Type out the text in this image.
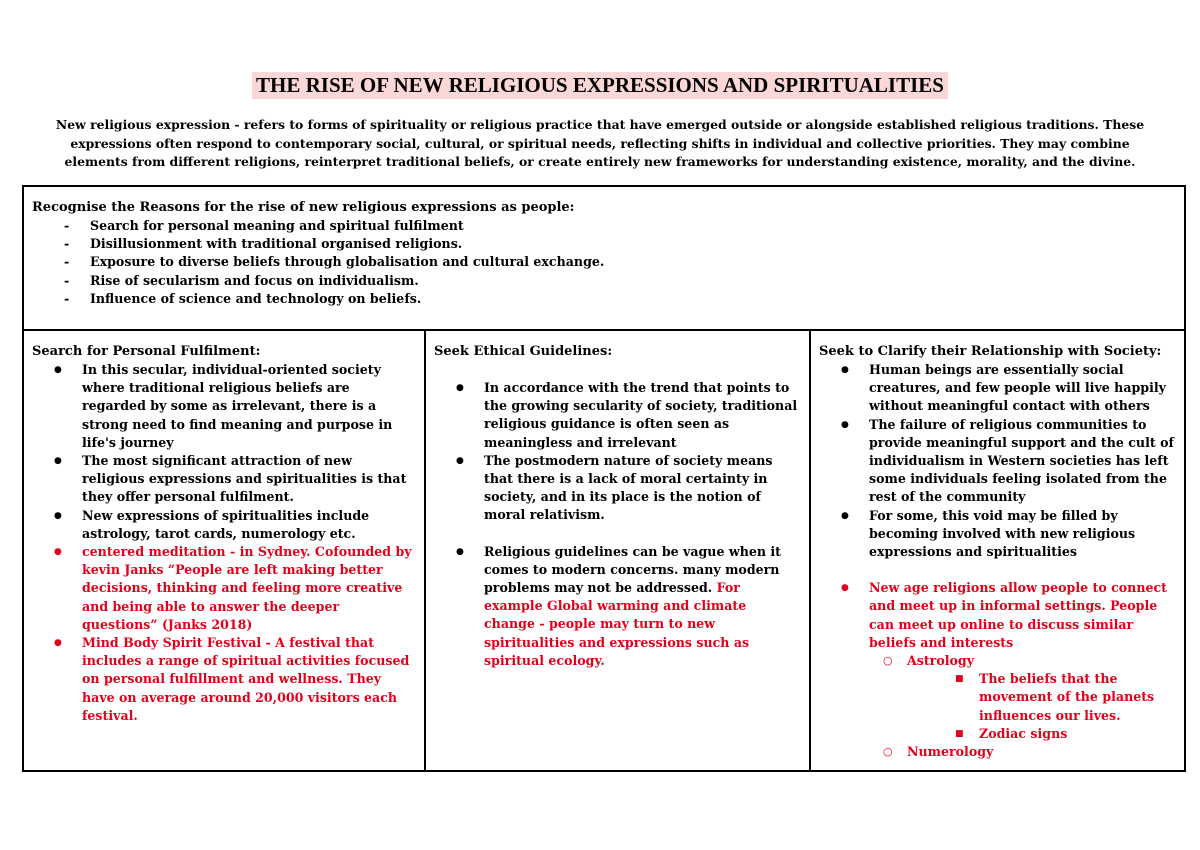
THE RISE OF NEW RELIGIOUS EXPRESSIONS AND SPIRITUALITIES
New religious expression - refers to forms of spirituality or religious practice that have emerged outside or alongside established religious traditions. These expressions often respond to contemporary social, cultural, or spiritual needs, reflecting shifts in individual and collective priorities. They may combine elements from different religions, reinterpret traditional beliefs, or create entirely new frameworks for understanding existence, morality, and the divine.
Recognise the Reasons for the rise of new religious expressions as people:
- Search for personal meaning and spiritual fulfilment
- Disillusionment with traditional organised religions.
- Exposure to diverse beliefs through globalisation and cultural exchange.
- Rise of secularism and focus on individualism.
- Influence of science and technology on beliefs.
Search for Personal Fulfilment:
● In this secular, individual-oriented society where traditional religious beliefs are regarded by some as irrelevant, there is a strong need to find meaning and purpose in life's journey
● The most significant attraction of new religious expressions and spiritualities is that they offer personal fulfilment.
● New expressions of spiritualities include astrology, tarot cards, numerology etc.
● centered meditation - in Sydney. Cofounded by kevin Janks “People are left making better decisions, thinking and feeling more creative and being able to answer the deeper questions” (Janks 2018)
● Mind Body Spirit Festival - A festival that includes a range of spiritual activities focused on personal fulfillment and wellness. They have on average around 20,000 visitors each festival.
Seek Ethical Guidelines:
● In accordance with the trend that points to the growing secularity of society, traditional religious guidance is often seen as meaningless and irrelevant
● The postmodern nature of society means that there is a lack of moral certainty in society, and in its place is the notion of moral relativism.
● Religious guidelines can be vague when it comes to modern concerns. many modern problems may not be addressed. For example Global warming and climate change - people may turn to new spiritualities and expressions such as spiritual ecology.
Seek to Clarify their Relationship with Society:
● Human beings are essentially social creatures, and few people will live happily without meaningful contact with others
● The failure of religious communities to provide meaningful support and the cult of individualism in Western societies has left some individuals feeling isolated from the rest of the community
● For some, this void may be filled by becoming involved with new religious expressions and spiritualities
● New age religions allow people to connect and meet up in informal settings. People can meet up online to discuss similar beliefs and interests
○ Astrology
■ The beliefs that the movement of the planets influences our lives.
■ Zodiac signs
○ Numerology
